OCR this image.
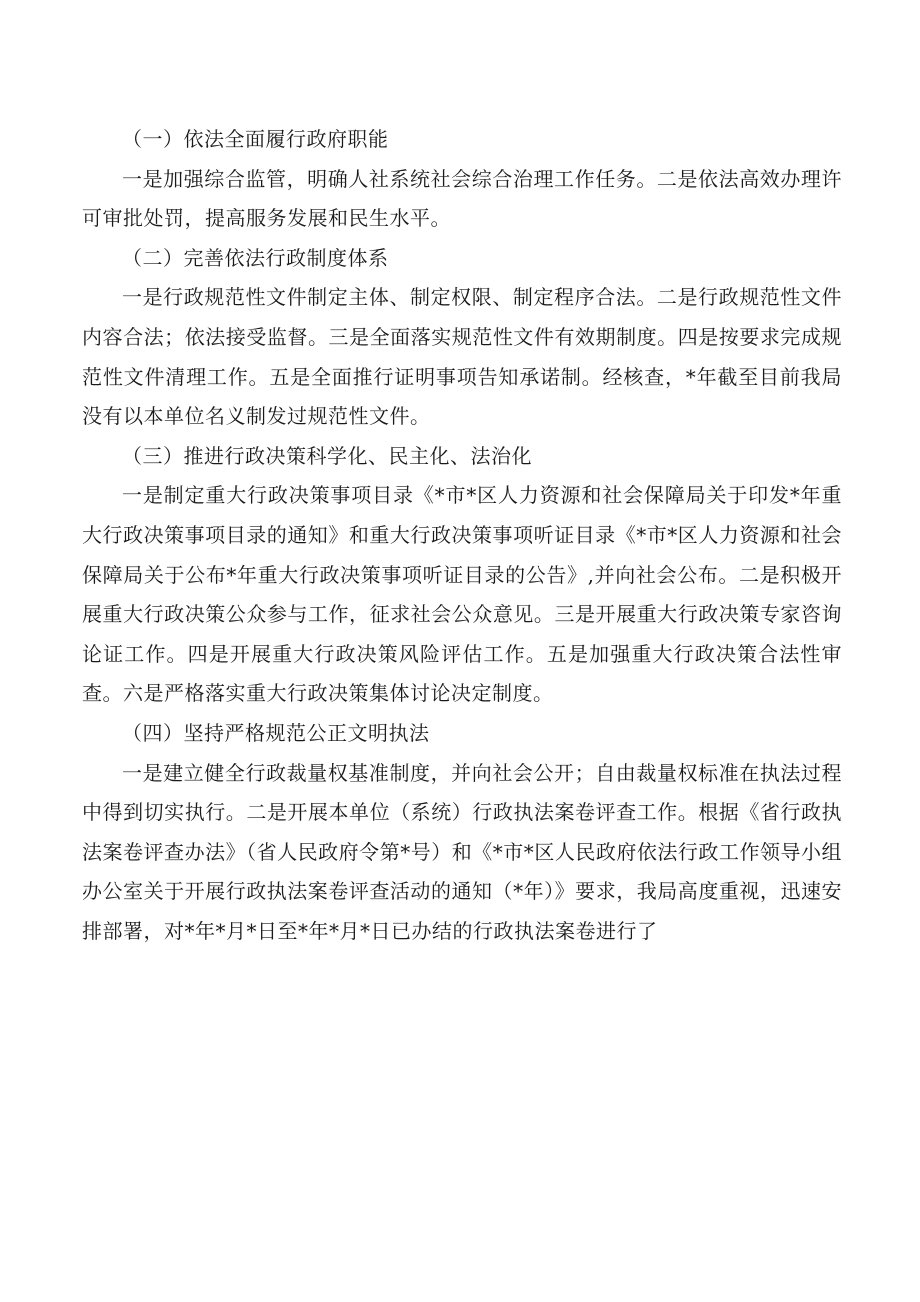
（一）依法全面履行政府职能

一是加强综合监管，明确人社系统社会综合治理工作任务。二是依法高效办理许可审批处罚，提高服务发展和民生水平。

（二）完善依法行政制度体系

一是行政规范性文件制定主体、制定权限、制定程序合法。二是行政规范性文件内容合法；依法接受监督。三是全面落实规范性文件有效期制度。四是按要求完成规范性文件清理工作。五是全面推行证明事项告知承诺制。经核查，*年截至目前我局没有以本单位名义制发过规范性文件。

（三）推进行政决策科学化、民主化、法治化

一是制定重大行政决策事项目录《*市*区人力资源和社会保障局关于印发*年重大行政决策事项目录的通知》和重大行政决策事项听证目录《*市*区人力资源和社会保障局关于公布*年重大行政决策事项听证目录的公告》,并向社会公布。二是积极开展重大行政决策公众参与工作，征求社会公众意见。三是开展重大行政决策专家咨询论证工作。四是开展重大行政决策风险评估工作。五是加强重大行政决策合法性审查。六是严格落实重大行政决策集体讨论决定制度。

（四）坚持严格规范公正文明执法

一是建立健全行政裁量权基准制度，并向社会公开；自由裁量权标准在执法过程中得到切实执行。二是开展本单位（系统）行政执法案卷评查工作。根据《省行政执法案卷评查办法》（省人民政府令第*号）和《*市*区人民政府依法行政工作领导小组办公室关于开展行政执法案卷评查活动的通知（*年）》要求，我局高度重视，迅速安排部署，对*年*月*日至*年*月*日已办结的行政执法案卷进行了
